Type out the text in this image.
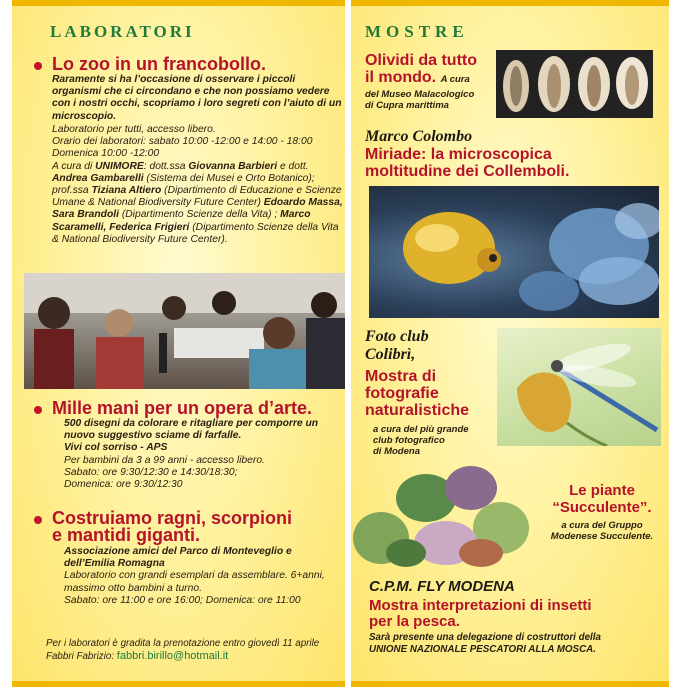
LABORATORI
Lo zoo in un francobollo.
Raramente si ha l’occasione di osservare i piccoli organismi che ci circondano e che non possiamo vedere con i nostri occhi, scopriamo i loro segreti con l’aiuto di un microscopio.
Laboratorio per tutti, accesso libero.
Orario dei laboratori: sabato 10:00 -12:00 e 14:00 - 18:00
Domenica 10:00 -12:00
A cura di UNIMORE: dott.ssa Giovanna Barbieri e dott. Andrea Gambarelli (Sistema dei Musei e Orto Botanico); prof.ssa Tiziana Altiero (Dipartimento di Educazione e Scienze Umane & National Biodiversity Future Center) Edoardo Massa, Sara Brandoli (Dipartimento Scienze della Vita) ; Marco Scaramelli, Federica Frigieri (Dipartimento Scienze della Vita & National Biodiversity Future Center).
Mille mani per un opera d’arte.
500 disegni da colorare e ritagliare per comporre un nuovo suggestivo sciame di farfalle.
Vivi col sorriso - APS
Per bambini da 3 a 99 anni - accesso libero.
Sabato: ore 9:30/12:30 e 14:30/18:30;
Domenica: ore 9:30/12:30
Costruiamo ragni, scorpioni
e mantidi giganti.
Associazione amici del Parco di Monteveglio e dell’Emilia Romagna
Laboratorio con grandi esemplari da assemblare. 6+anni, massimo otto bambini a turno.
Sabato: ore 11:00 e ore 16:00; Domenica: ore 11:00
Per i laboratori è gradita la prenotazione entro giovedì 11 aprile
Fabbri Fabrizio: fabbri.birillo@hotmail.it
MOSTRE
Olividi da tutto
il mondo. A cura
del Museo Malacologico
di Cupra marittima
Marco Colombo
Miriade: la microscopica
moltitudine dei Collemboli.
Foto club
Colibrì,
Mostra di
fotografie
naturalistiche
a cura del più grande
club fotografico
di Modena
Le piante
“Succulente”.
a cura del Gruppo
Modenese Succulente.
C.P.M. FLY MODENA
Mostra interpretazioni di insetti
per la pesca.
Sarà presente una delegazione di costruttori della
UNIONE NAZIONALE PESCATORI ALLA MOSCA.
